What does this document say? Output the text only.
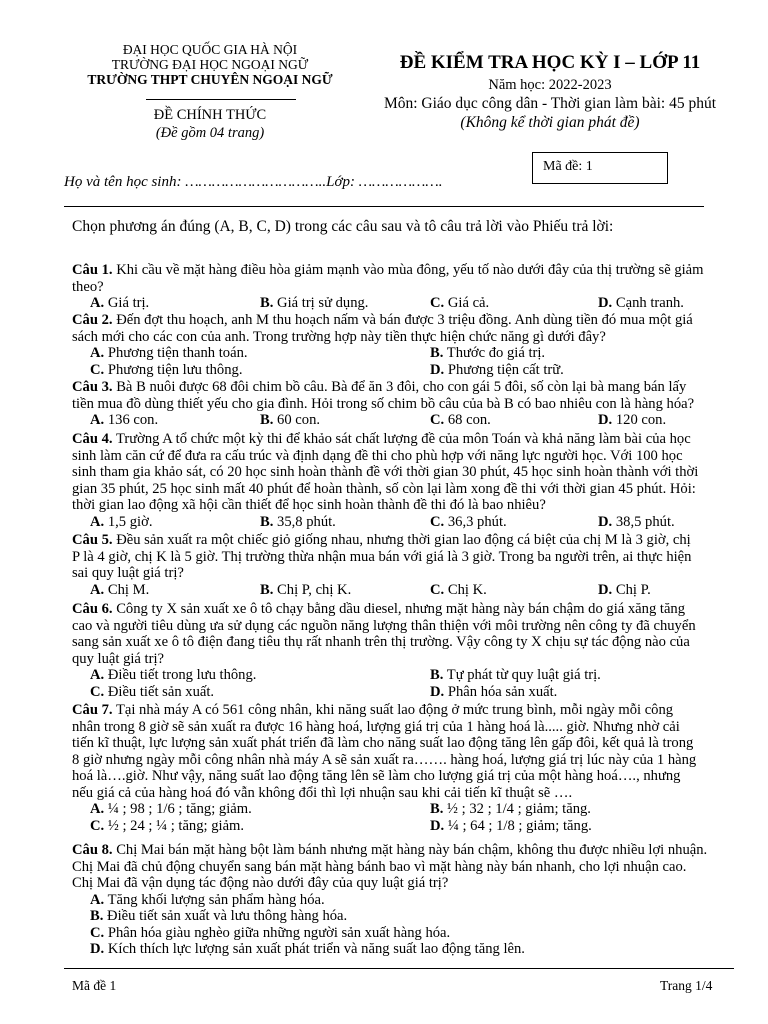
ĐẠI HỌC QUỐC GIA HÀ NỘI
TRƯỜNG ĐẠI HỌC NGOẠI NGỮ
TRƯỜNG THPT CHUYÊN NGOẠI NGỮ
ĐỀ CHÍNH THỨC
(Đề gồm 04 trang)
ĐỀ KIỂM TRA HỌC KỲ I – LỚP 11
Năm học: 2022-2023
Môn: Giáo dục công dân - Thời gian làm bài: 45 phút
(Không kể thời gian phát đề)
Mã đề: 1
Họ và tên học sinh: …………………………..Lớp: ……………….
Chọn phương án đúng (A, B, C, D) trong các câu sau và tô câu trả lời vào Phiếu trả lời:
Câu 1. Khi cầu về mặt hàng điều hòa giảm mạnh vào mùa đông, yếu tố nào dưới đây của thị trường sẽ giảm
theo?
A. Giá trị.	B. Giá trị sử dụng.	C. Giá cả.	D. Cạnh tranh.
Câu 2. Đến đợt thu hoạch, anh M thu hoạch nấm và bán được 3 triệu đồng. Anh dùng tiền đó mua một giá
sách mới cho các con của anh. Trong trường hợp này tiền thực hiện chức năng gì dưới đây?
A. Phương tiện thanh toán.	B. Thước đo giá trị.
C. Phương tiện lưu thông.	D. Phương tiện cất trữ.
Câu 3. Bà B nuôi được 68 đôi chim bồ câu. Bà để ăn 3 đôi, cho con gái 5 đôi, số còn lại bà mang bán lấy
tiền mua đồ dùng thiết yếu cho gia đình. Hỏi trong số chim bồ câu của bà B có bao nhiêu con là hàng hóa?
A. 136 con.	B. 60 con.	C. 68 con.	D. 120 con.
Câu 4. Trường A tổ chức một kỳ thi để khảo sát chất lượng đề của môn Toán và khả năng làm bài của học
sinh làm căn cứ để đưa ra cấu trúc và định dạng đề thi cho phù hợp với năng lực người học. Với 100 học
sinh tham gia khảo sát, có 20 học sinh hoàn thành đề với thời gian 30 phút, 45 học sinh hoàn thành với thời
gian 35 phút, 25 học sinh mất 40 phút để hoàn thành, số còn lại làm xong đề thi với thời gian 45 phút. Hỏi:
thời gian lao động xã hội cần thiết để học sinh hoàn thành đề thi đó là bao nhiêu?
A. 1,5 giờ.	B. 35,8 phút.	C. 36,3 phút.	D. 38,5 phút.
Câu 5. Đều sản xuất ra một chiếc giỏ giống nhau, nhưng thời gian lao động cá biệt của chị M là 3 giờ, chị
P là 4 giờ, chị K là 5 giờ. Thị trường thừa nhận mua bán với giá là 3 giờ. Trong ba người trên, ai thực hiện
sai quy luật giá trị?
A. Chị M.	B. Chị P, chị K.	C. Chị K.	D. Chị P.
Câu 6. Công ty X sản xuất xe ô tô chạy bằng dầu diesel, nhưng mặt hàng này bán chậm do giá xăng tăng
cao và người tiêu dùng ưa sử dụng các nguồn năng lượng thân thiện với môi trường nên công ty đã chuyển
sang sản xuất xe ô tô điện đang tiêu thụ rất nhanh trên thị trường. Vậy công ty X chịu sự tác động nào của
quy luật giá trị?
A. Điều tiết trong lưu thông.	B. Tự phát từ quy luật giá trị.
C. Điều tiết sản xuất.	D. Phân hóa sản xuất.
Câu 7. Tại nhà máy A có 561 công nhân, khi năng suất lao động ở mức trung bình, mỗi ngày mỗi công
nhân trong 8 giờ sẽ sản xuất ra được 16 hàng hoá, lượng giá trị của 1 hàng hoá là..... giờ. Nhưng nhờ cải
tiến kĩ thuật, lực lượng sản xuất phát triển đã làm cho năng suất lao động tăng lên gấp đôi, kết quả là trong
8 giờ nhưng ngày mỗi công nhân nhà máy A sẽ sản xuất ra……. hàng hoá, lượng giá trị lúc này của 1 hàng
hoá là….giờ. Như vậy, năng suất lao động tăng lên sẽ làm cho lượng giá trị của một hàng hoá…., nhưng
nếu giá cả của hàng hoá đó vẫn không đổi thì lợi nhuận sau khi cải tiến kĩ thuật sẽ ….
A. ¼ ; 98 ; 1/6 ; tăng; giảm.	B. ½ ; 32 ; 1/4 ; giảm; tăng.
C. ½ ; 24 ; ¼ ; tăng; giảm.	D. ¼ ; 64 ; 1/8 ; giảm; tăng.
Câu 8. Chị Mai bán mặt hàng bột làm bánh nhưng mặt hàng này bán chậm, không thu được nhiều lợi nhuận.
Chị Mai đã chủ động chuyển sang bán mặt hàng bánh bao vì mặt hàng này bán nhanh, cho lợi nhuận cao.
Chị Mai đã vận dụng tác động nào dưới đây của quy luật giá trị?
A. Tăng khối lượng sản phẩm hàng hóa.
B. Điều tiết sản xuất và lưu thông hàng hóa.
C. Phân hóa giàu nghèo giữa những người sản xuất hàng hóa.
D. Kích thích lực lượng sản xuất phát triển và năng suất lao động tăng lên.
Mã đề 1	Trang 1/4
